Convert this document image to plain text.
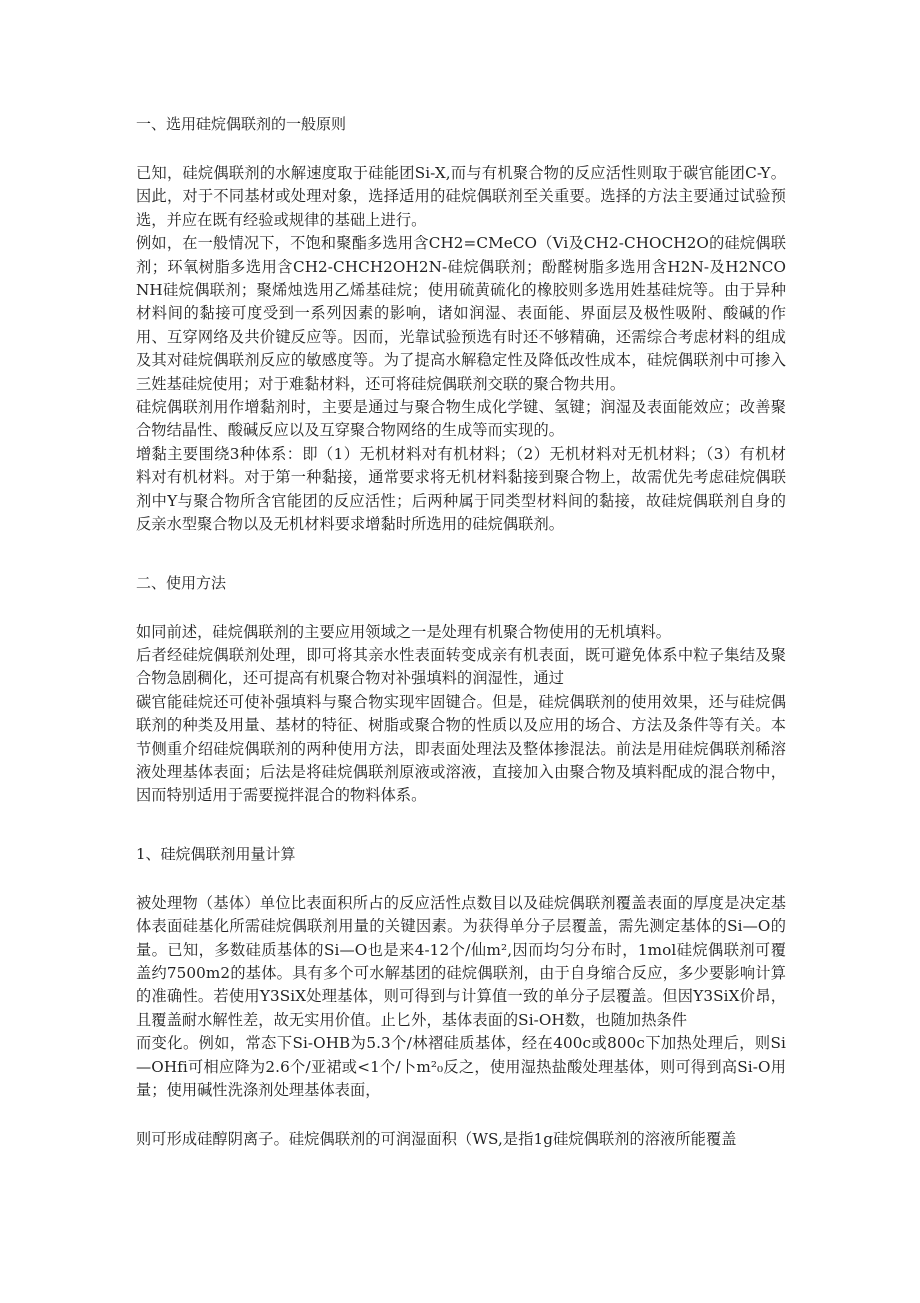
一、选用硅烷偶联剂的一般原则

已知，硅烷偶联剂的水解速度取于硅能团Si-X,而与有机聚合物的反应活性则取于碳官能团C-Y。因此，对于不同基材或处理对象，选择适用的硅烷偶联剂至关重要。选择的方法主要通过试验预选，并应在既有经验或规律的基础上进行。

例如，在一般情况下，不饱和聚酯多选用含CH2=CMeCO（Vi及CH2-CHOCH2O的硅烷偶联剂；环氧树脂多选用含CH2-CHCH2OH2N-硅烷偶联剂；酚醛树脂多选用含H2N-及H2NCONH硅烷偶联剂；聚烯烛选用乙烯基硅烷；使用硫黄硫化的橡胶则多选用姓基硅烷等。由于异种材料间的黏接可度受到一系列因素的影响，诸如润湿、表面能、界面层及极性吸附、酸碱的作用、互穿网络及共价键反应等。因而，光靠试验预选有时还不够精确，还需综合考虑材料的组成及其对硅烷偶联剂反应的敏感度等。为了提高水解稳定性及降低改性成本，硅烷偶联剂中可掺入三姓基硅烷使用；对于难黏材料，还可将硅烷偶联剂交联的聚合物共用。

硅烷偶联剂用作增黏剂时，主要是通过与聚合物生成化学键、氢键；润湿及表面能效应；改善聚合物结晶性、酸碱反应以及互穿聚合物网络的生成等而实现的。

增黏主要围绕3种体系：即（1）无机材料对有机材料；（2）无机材料对无机材料；（3）有机材料对有机材料。对于第一种黏接，通常要求将无机材料黏接到聚合物上，故需优先考虑硅烷偶联剂中Y与聚合物所含官能团的反应活性；后两种属于同类型材料间的黏接，故硅烷偶联剂自身的反亲水型聚合物以及无机材料要求增黏时所选用的硅烷偶联剂。

二、使用方法

如同前述，硅烷偶联剂的主要应用领域之一是处理有机聚合物使用的无机填料。

后者经硅烷偶联剂处理，即可将其亲水性表面转变成亲有机表面，既可避免体系中粒子集结及聚合物急剧稠化，还可提高有机聚合物对补强填料的润湿性，通过

碳官能硅烷还可使补强填料与聚合物实现牢固键合。但是，硅烷偶联剂的使用效果，还与硅烷偶联剂的种类及用量、基材的特征、树脂或聚合物的性质以及应用的场合、方法及条件等有关。本节侧重介绍硅烷偶联剂的两种使用方法，即表面处理法及整体掺混法。前法是用硅烷偶联剂稀溶液处理基体表面；后法是将硅烷偶联剂原液或溶液，直接加入由聚合物及填料配成的混合物中，因而特别适用于需要搅拌混合的物料体系。

1、硅烷偶联剂用量计算

被处理物（基体）单位比表面积所占的反应活性点数目以及硅烷偶联剂覆盖表面的厚度是决定基体表面硅基化所需硅烷偶联剂用量的关键因素。为获得单分子层覆盖，需先测定基体的Si—O的量。已知，多数硅质基体的Si—O也是来4-12个/仙m²,因而均匀分布时，1mol硅烷偶联剂可覆盖约7500m2的基体。具有多个可水解基团的硅烷偶联剂，由于自身缩合反应，多少要影响计算的准确性。若使用Y3SiX处理基体，则可得到与计算值一致的单分子层覆盖。但因Y3SiX价昂，且覆盖耐水解性差，故无实用价值。止匕外，基体表面的Si-OH数，也随加热条件

而变化。例如，常态下Si-OHB为5.3个/林褶硅质基体，经在400c或800c下加热处理后，则Si—OHfi可相应降为2.6个/亚裙或<1个/卜m²₀反之，使用湿热盐酸处理基体，则可得到高Si-O用量；使用碱性洗涤剂处理基体表面，

则可形成硅醇阴离子。硅烷偶联剂的可润湿面积（WS,是指1g硅烷偶联剂的溶液所能覆盖
